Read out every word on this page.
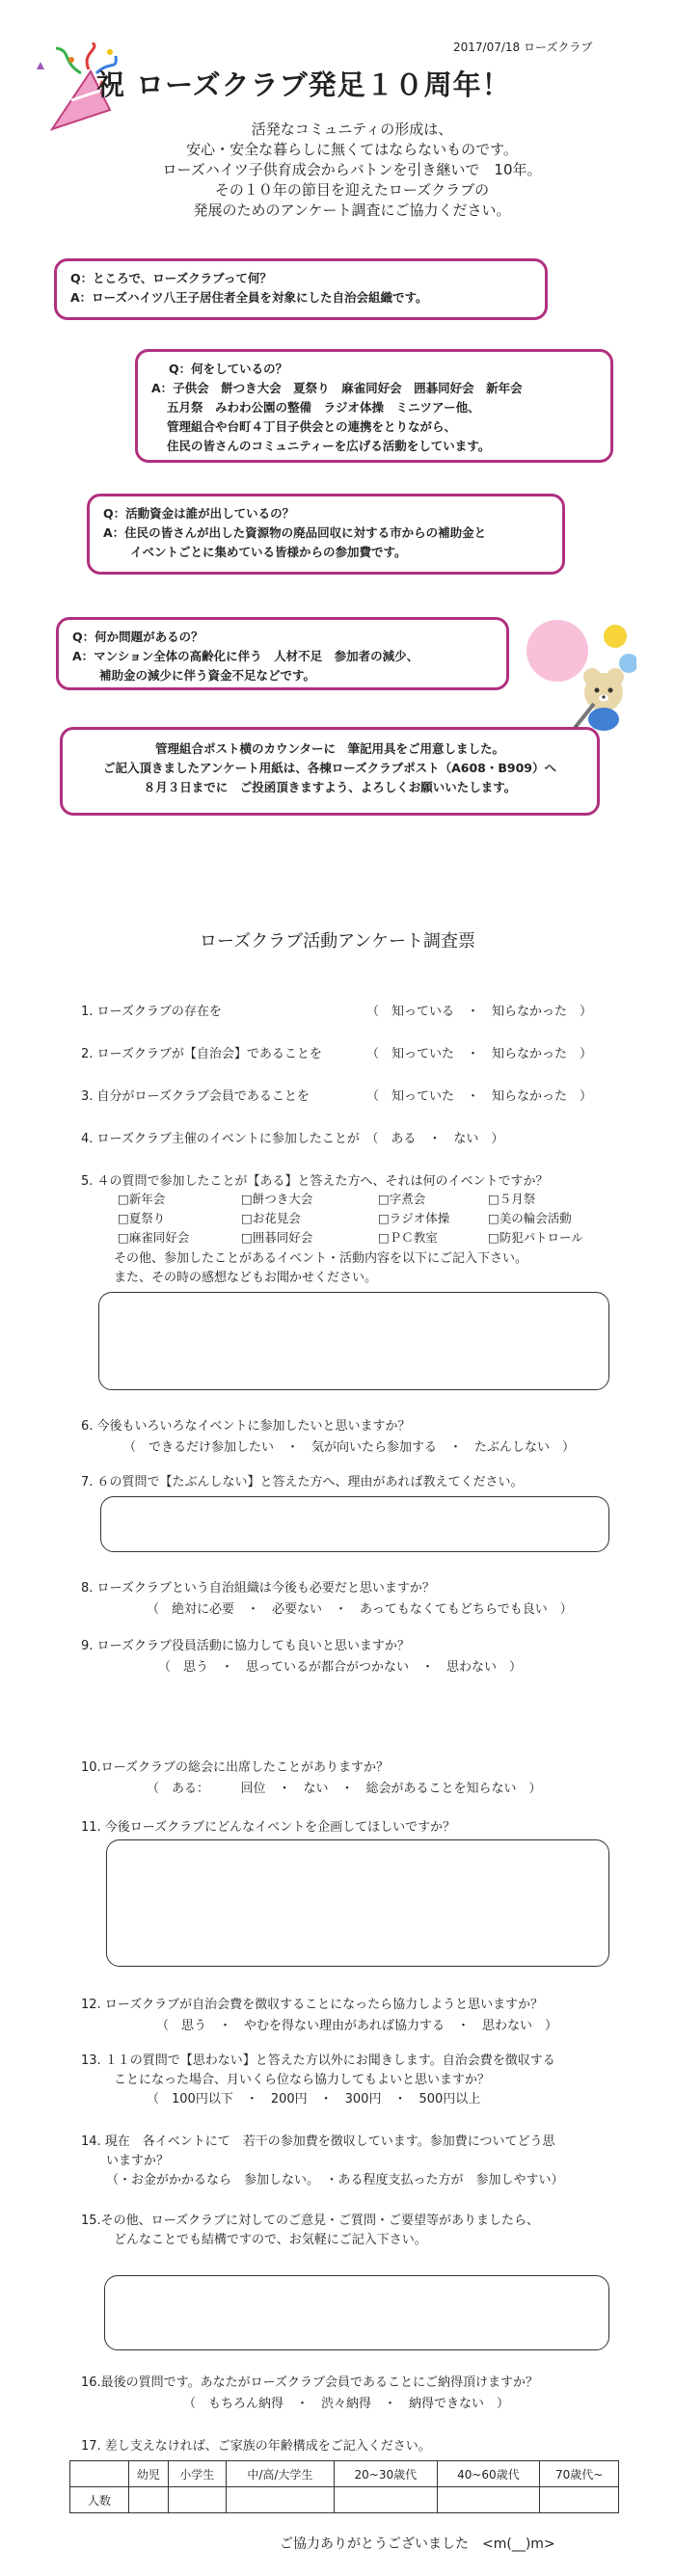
2017/07/18 ローズクラブ
祝 ローズクラブ発足１０周年！
活発なコミュニティの形成は、
安心・安全な暮らしに無くてはならないものです。
ローズハイツ子供育成会からバトンを引き継いで　10年。
その１０年の節目を迎えたローズクラブの
発展のためのアンケート調査にご協力ください。
Q：ところで、ローズクラブって何？
A：ローズハイツ八王子居住者全員を対象にした自治会組織です。
Q：何をしているの？
A：子供会　餅つき大会　夏祭り　麻雀同好会　囲碁同好会　新年会
五月祭　みわわ公園の整備　ラジオ体操　ミニツアー他、
管理組合や台町４丁目子供会との連携をとりながら、
住民の皆さんのコミュニティーを広げる活動をしています。
Q：活動資金は誰が出しているの？
A：住民の皆さんが出した資源物の廃品回収に対する市からの補助金と
イベントごとに集めている皆様からの参加費です。
Q：何か問題があるの？
A：マンション全体の高齢化に伴う　人材不足　参加者の減少、
補助金の減少に伴う資金不足などです。
管理組合ポスト横のカウンターに　筆記用具をご用意しました。
ご記入頂きましたアンケート用紙は、各棟ローズクラブポスト（A608・B909）へ
８月３日までに　ご投函頂きますよう、よろしくお願いいたします。
ローズクラブ活動アンケート調査票
1. ローズクラブの存在を	（　知っている　・　知らなかった　）
2. ローズクラブが【自治会】であることを	（　知っていた　・　知らなかった　）
3. 自分がローズクラブ会員であることを	（　知っていた　・　知らなかった　）
4. ローズクラブ主催のイベントに参加したことが　（　ある　・　ない　）
5. ４の質問で参加したことが【ある】と答えた方へ、それは何のイベントですか？
□新年会	□餅つき大会	□字煮会	□５月祭
□夏祭り	□お花見会	□ラジオ体操	□美の輪会活動
□麻雀同好会	□囲碁同好会	□ＰＣ教室	□防犯パトロール
その他、参加したことがあるイベント・活動内容を以下にご記入下さい。
また、その時の感想などもお聞かせください。
6. 今後もいろいろなイベントに参加したいと思いますか？
（　できるだけ参加したい　・　気が向いたら参加する　・　たぶんしない　）
7. ６の質問で【たぶんしない】と答えた方へ、理由があれば教えてください。
8. ローズクラブという自治組織は今後も必要だと思いますか？
（　絶対に必要　・　必要ない　・　あってもなくてもどちらでも良い　）
9. ローズクラブ役員活動に協力しても良いと思いますか？
（　思う　・　思っているが都合がつかない　・　思わない　）
10.ローズクラブの総会に出席したことがありますか？
（　ある：　　　回位　・　ない　・　総会があることを知らない　）
11. 今後ローズクラブにどんなイベントを企画してほしいですか？
12. ローズクラブが自治会費を徴収することになったら協力しようと思いますか？
（　思う　・　やむを得ない理由があれば協力する　・　思わない　）
13. １１の質問で【思わない】と答えた方以外にお聞きします。自治会費を徴収する
ことになった場合、月いくら位なら協力してもよいと思いますか？
（　100円以下　・　200円　・　300円　・　500円以上
14. 現在　各イベントにて　若干の参加費を徴収しています。参加費についてどう思
いますか？
（・お金がかかるなら　参加しない。　・ある程度支払った方が　参加しやすい）
15.その他、ローズクラブに対してのご意見・ご質問・ご要望等がありましたら、
どんなことでも結構ですので、お気軽にご記入下さい。
16.最後の質問です。あなたがローズクラブ会員であることにご納得頂けますか？
（　もちろん納得　・　渋々納得　・　納得できない　）
17. 差し支えなければ、ご家族の年齢構成をご記入ください。
	幼児	小学生	中/高/大学生	20~30歳代	40~60歳代	70歳代~
人数						
ご協力ありがとうございました　<m(__)m>
